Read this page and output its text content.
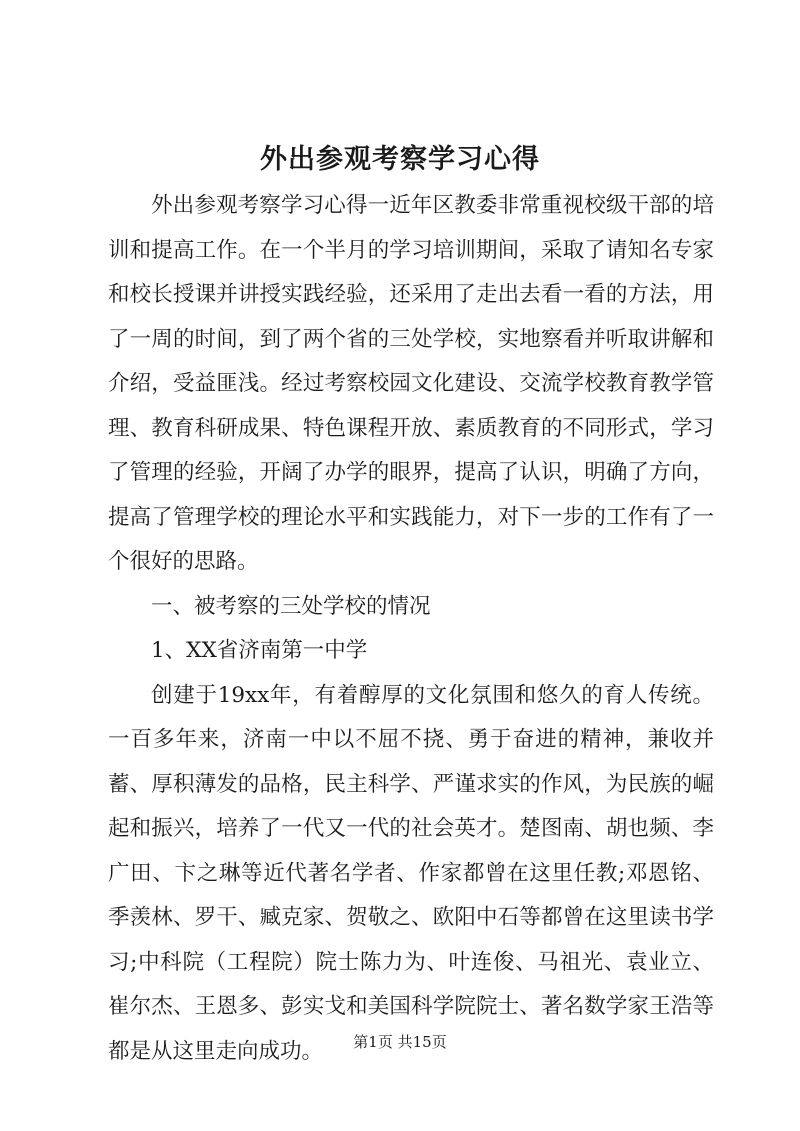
外出参观考察学习心得

外出参观考察学习心得一近年区教委非常重视校级干部的培训和提高工作。在一个半月的学习培训期间，采取了请知名专家和校长授课并讲授实践经验，还采用了走出去看一看的方法，用了一周的时间，到了两个省的三处学校，实地察看并听取讲解和介绍，受益匪浅。经过考察校园文化建设、交流学校教育教学管理、教育科研成果、特色课程开放、素质教育的不同形式，学习了管理的经验，开阔了办学的眼界，提高了认识，明确了方向，提高了管理学校的理论水平和实践能力，对下一步的工作有了一个很好的思路。

一、被考察的三处学校的情况

1、XX省济南第一中学

创建于19xx年，有着醇厚的文化氛围和悠久的育人传统。一百多年来，济南一中以不屈不挠、勇于奋进的精神，兼收并蓄、厚积薄发的品格，民主科学、严谨求实的作风，为民族的崛起和振兴，培养了一代又一代的社会英才。楚图南、胡也频、李广田、卞之琳等近代著名学者、作家都曾在这里任教;邓恩铭、季羡林、罗干、臧克家、贺敬之、欧阳中石等都曾在这里读书学习;中科院（工程院）院士陈力为、叶连俊、马祖光、袁业立、崔尔杰、王恩多、彭实戈和美国科学院院士、著名数学家王浩等都是从这里走向成功。	第1页 共15页
